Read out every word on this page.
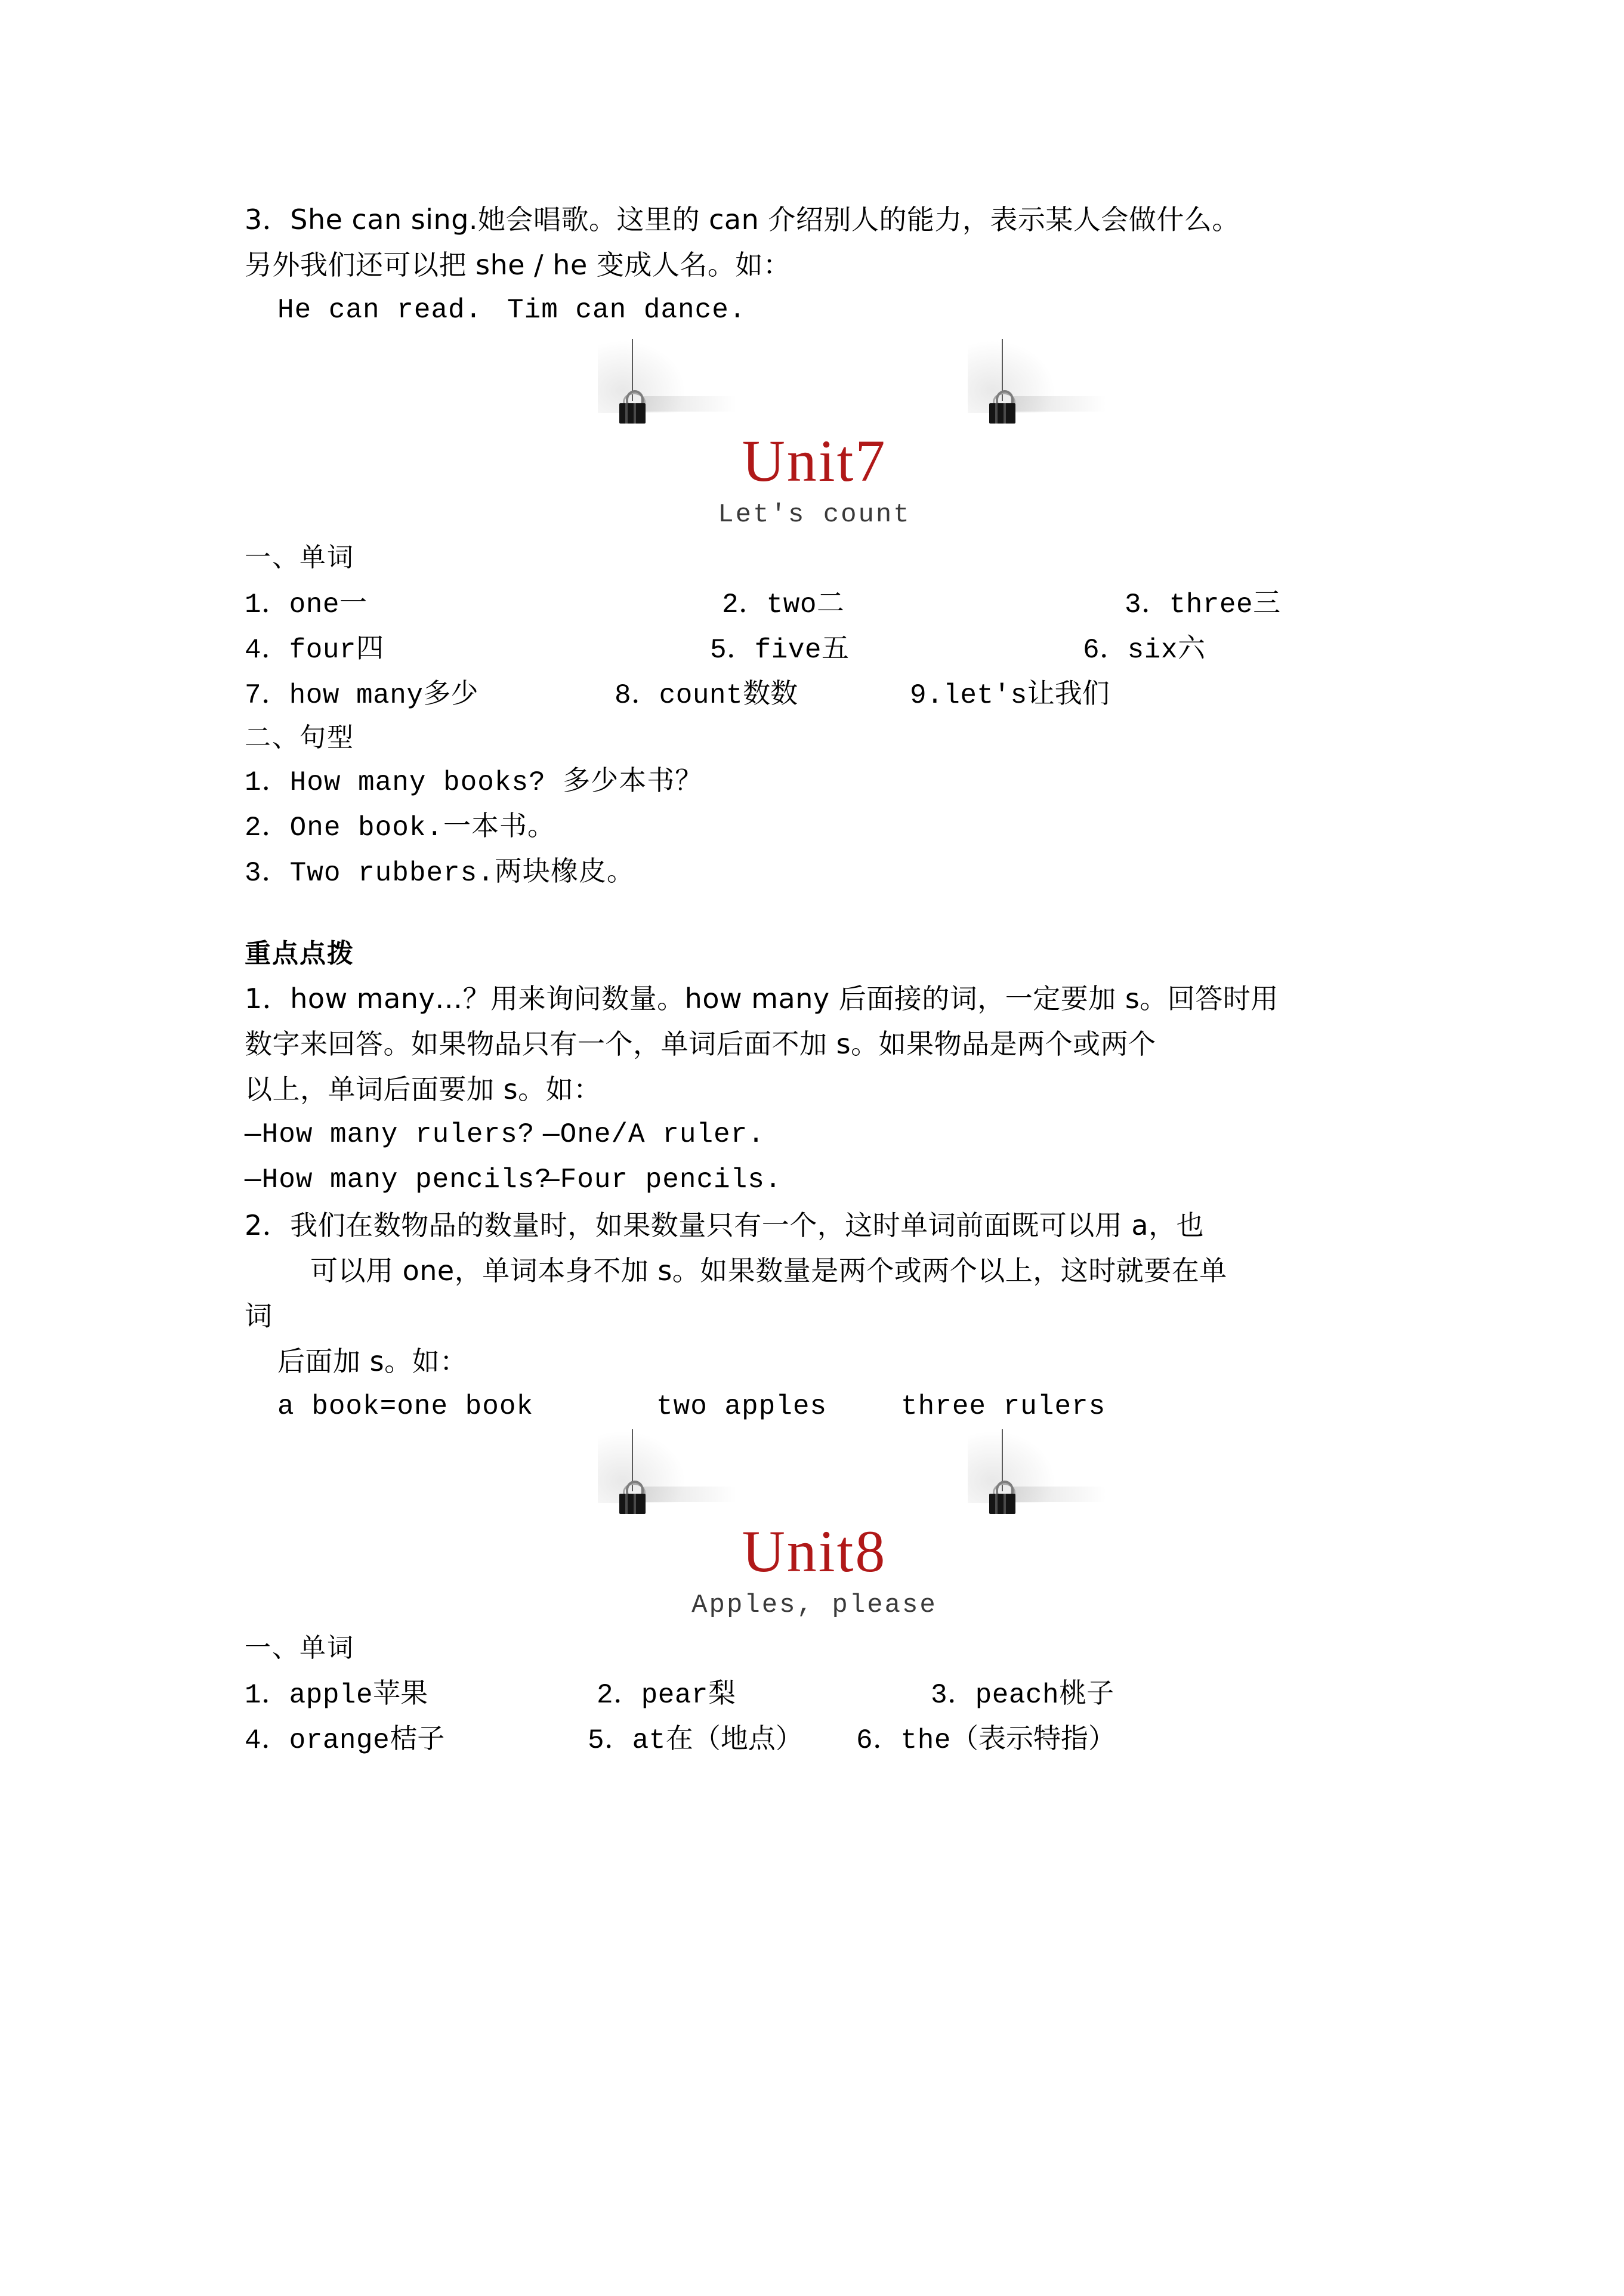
3．She can sing.她会唱歌。这里的 can 介绍别人的能力，表示某人会做什么。
另外我们还可以把 she / he 变成人名。如：
He can read. Tim can dance.
Unit7
Let's count
一、单词
1．one一	2．two二	3．three三
4．four四	5．five五	6．six六
7．how many多少	8．count数数	9.let's让我们
二、句型
1．How many books? 多少本书？
2．One book.一本书。
3．Two rubbers.两块橡皮。
重点点拨
1．how many…？用来询问数量。how many 后面接的词，一定要加 s。回答时用
数字来回答。如果物品只有一个，单词后面不加 s。如果物品是两个或两个
以上，单词后面要加 s。如：
—How many rulers? —One/A ruler.
—How many pencils?
—Four pencils.
2．我们在数物品的数量时，如果数量只有一个，这时单词前面既可以用 a，也
可以用 one，单词本身不加 s。如果数量是两个或两个以上，这时就要在单
词
后面加 s。如：
a book=one book	two apples	three rulers
Unit8
Apples, please
一、单词
1．apple苹果	2．pear梨	3．peach桃子
4．orange桔子	5．at在（地点） 6．the（表示特指）
